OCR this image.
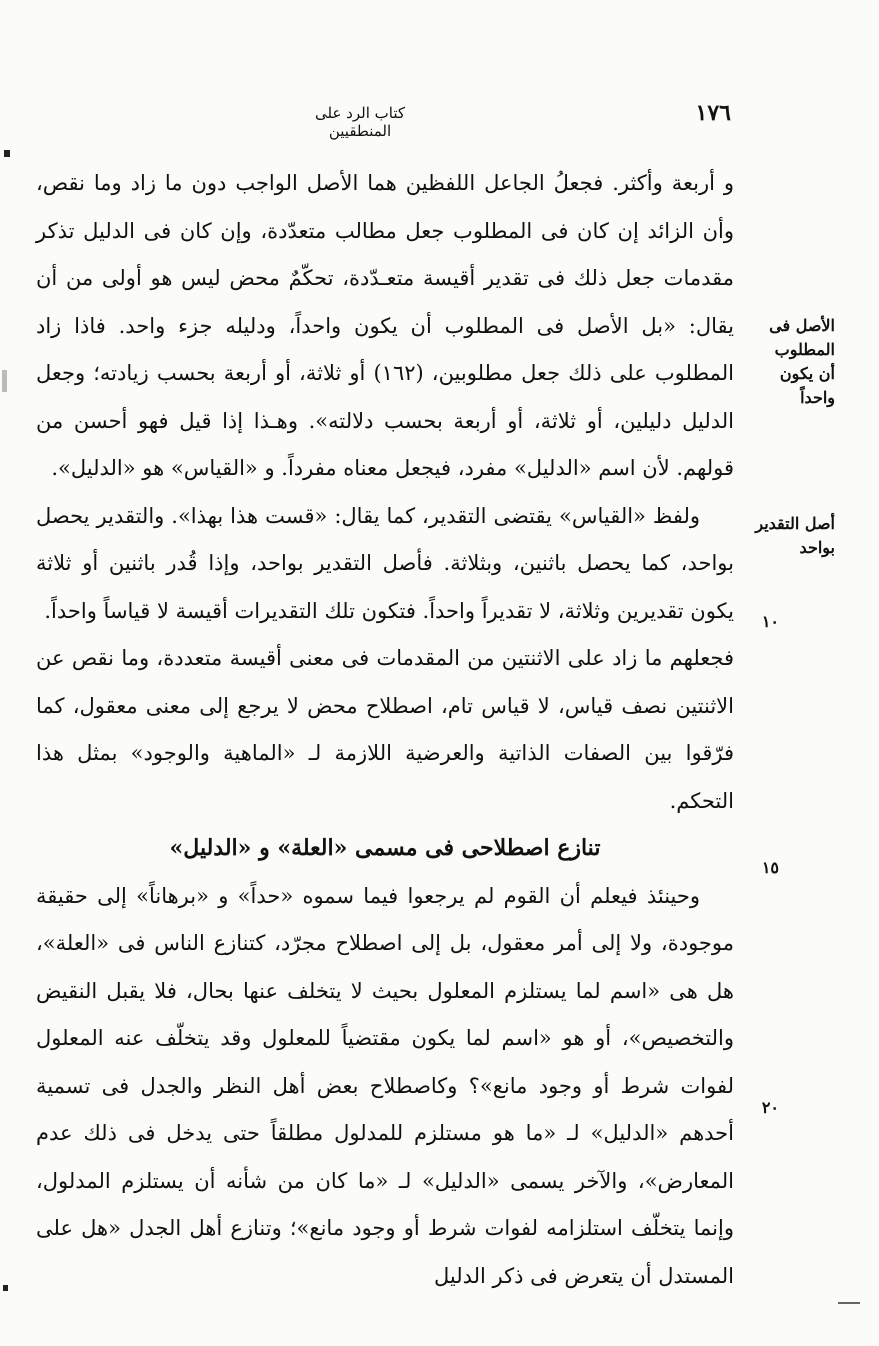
١٧٦
كتاب الرد على المنطقيين
الأصل فى المطلوب أن يكون واحداً
أصل التقدير بواحد
١٠
١٥
٢٠

و أربعة وأكثر. فجعلُ الجاعل اللفظين هما الأصل الواجب دون ما زاد وما نقص، وأن الزائد إن كان فى المطلوب جعل مطالب متعدّدة، وإن كان فى الدليل تذكر مقدمات جعل ذلك فى تقدير أقيسة متعـدّدة، تحكّمٌ محض ليس هو أولى من أن يقال: «بل الأصل فى المطلوب أن يكون واحداً، ودليله جزء واحد. فاذا زاد المطلوب على ذلك جعل مطلوبين، (١٦٢) أو ثلاثة، أو أربعة بحسب زيادته؛ وجعل الدليل دليلين، أو ثلاثة، أو أربعة بحسب دلالته». وهـذا إذا قيل فهو أحسن من قولهم. لأن اسم «الدليل» مفرد، فيجعل معناه مفرداً. و «القياس» هو «الدليل».

ولفظ «القياس» يقتضى التقدير، كما يقال: «قست هذا بهذا». والتقدير يحصل بواحد، كما يحصل باثنين، وبثلاثة. فأصل التقدير بواحد، وإذا قُدر باثنين أو ثلاثة يكون تقديرين وثلاثة، لا تقديراً واحداً. فتكون تلك التقديرات أقيسة لا قياساً واحداً.

فجعلهم ما زاد على الاثنتين من المقدمات فى معنى أقيسة متعددة، وما نقص عن الاثنتين نصف قياس، لا قياس تام، اصطلاح محض لا يرجع إلى معنى معقول، كما فرّقوا بين الصفات الذاتية والعرضية اللازمة لـ «الماهية والوجود» بمثل هذا التحكم.

تنازع اصطلاحى فى مسمى «العلة» و «الدليل»

وحينئذ فيعلم أن القوم لم يرجعوا فيما سموه «حداً» و «برهاناً» إلى حقيقة موجودة، ولا إلى أمر معقول، بل إلى اصطلاح مجرّد، كتنازع الناس فى «العلة»، هل هى «اسم لما يستلزم المعلول بحيث لا يتخلف عنها بحال، فلا يقبل النقيض والتخصيص»، أو هو «اسم لما يكون مقتضياً للمعلول وقد يتخلّف عنه المعلول لفوات شرط أو وجود مانع»؟ وكاصطلاح بعض أهل النظر والجدل فى تسمية أحدهم «الدليل» لـ «ما هو مستلزم للمدلول مطلقاً حتى يدخل فى ذلك عدم المعارض»، والآخر يسمى «الدليل» لـ «ما كان من شأنه أن يستلزم المدلول، وإنما يتخلّف استلزامه لفوات شرط أو وجود مانع»؛ وتنازع أهل الجدل «هل على المستدل أن يتعرض فى ذكر الدليل
